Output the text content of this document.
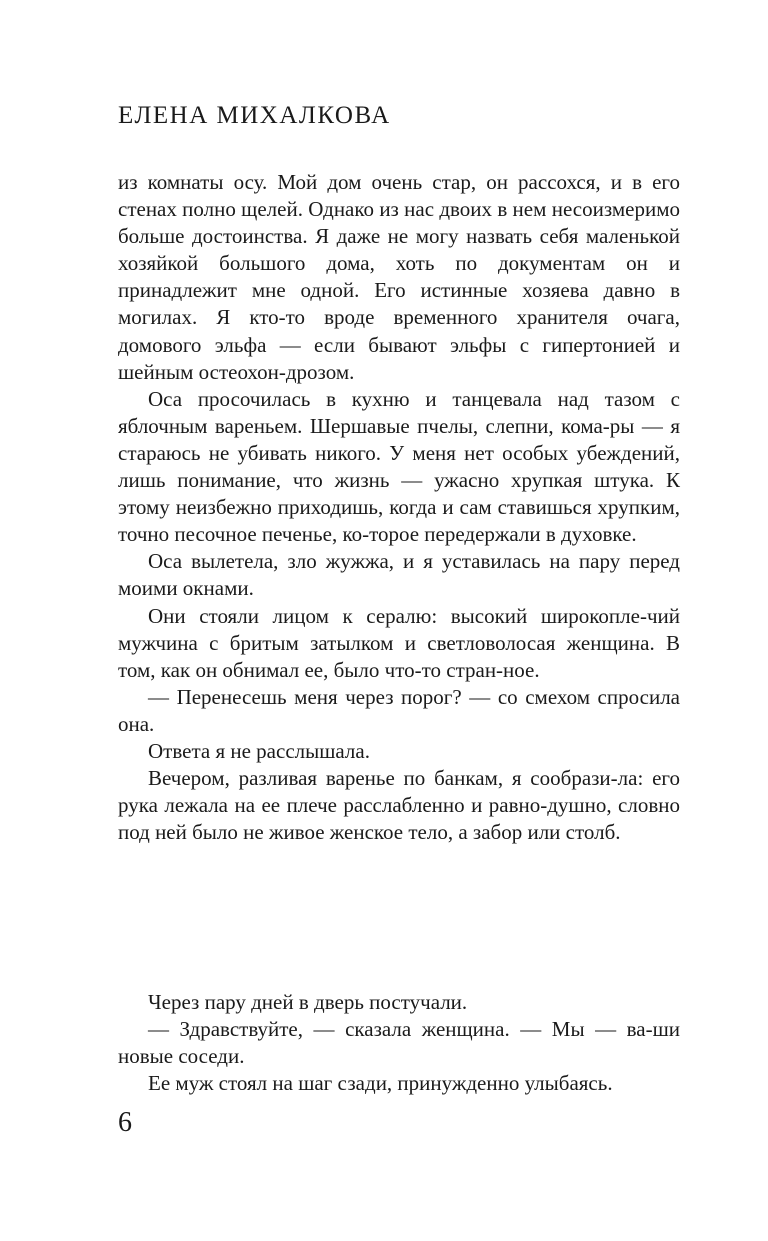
ЕЛЕНА МИХАЛКОВА

из комнаты осу. Мой дом очень стар, он рассохся, и в его стенах полно щелей. Однако из нас двоих в нем несоизмеримо больше достоинства. Я даже не могу назвать себя маленькой хозяйкой большого дома, хоть по документам он и принадлежит мне одной. Его истинные хозяева давно в могилах. Я кто-то вроде временного хранителя очага, домового эльфа — если бывают эльфы с гипертонией и шейным остеохон-дрозом.

Оса просочилась в кухню и танцевала над тазом с яблочным вареньем. Шершавые пчелы, слепни, кома-ры — я стараюсь не убивать никого. У меня нет особых убеждений, лишь понимание, что жизнь — ужасно хрупкая штука. К этому неизбежно приходишь, когда и сам ставишься хрупким, точно песочное печенье, ко-торое передержали в духовке.

Оса вылетела, зло жужжа, и я уставилась на пару перед моими окнами.

Они стояли лицом к сералю: высокий широкопле-чий мужчина с бритым затылком и светловолосая женщина. В том, как он обнимал ее, было что-то стран-ное.

— Перенесешь меня через порог? — со смехом спросила она.

Ответа я не расслышала.

Вечером, разливая варенье по банкам, я сообрази-ла: его рука лежала на ее плече расслабленно и равно-душно, словно под ней было не живое женское тело, а забор или столб.

Через пару дней в дверь постучали.

— Здравствуйте, — сказала женщина. — Мы — ва-ши новые соседи.

Ее муж стоял на шаг сзади, принужденно улыбаясь.

6
